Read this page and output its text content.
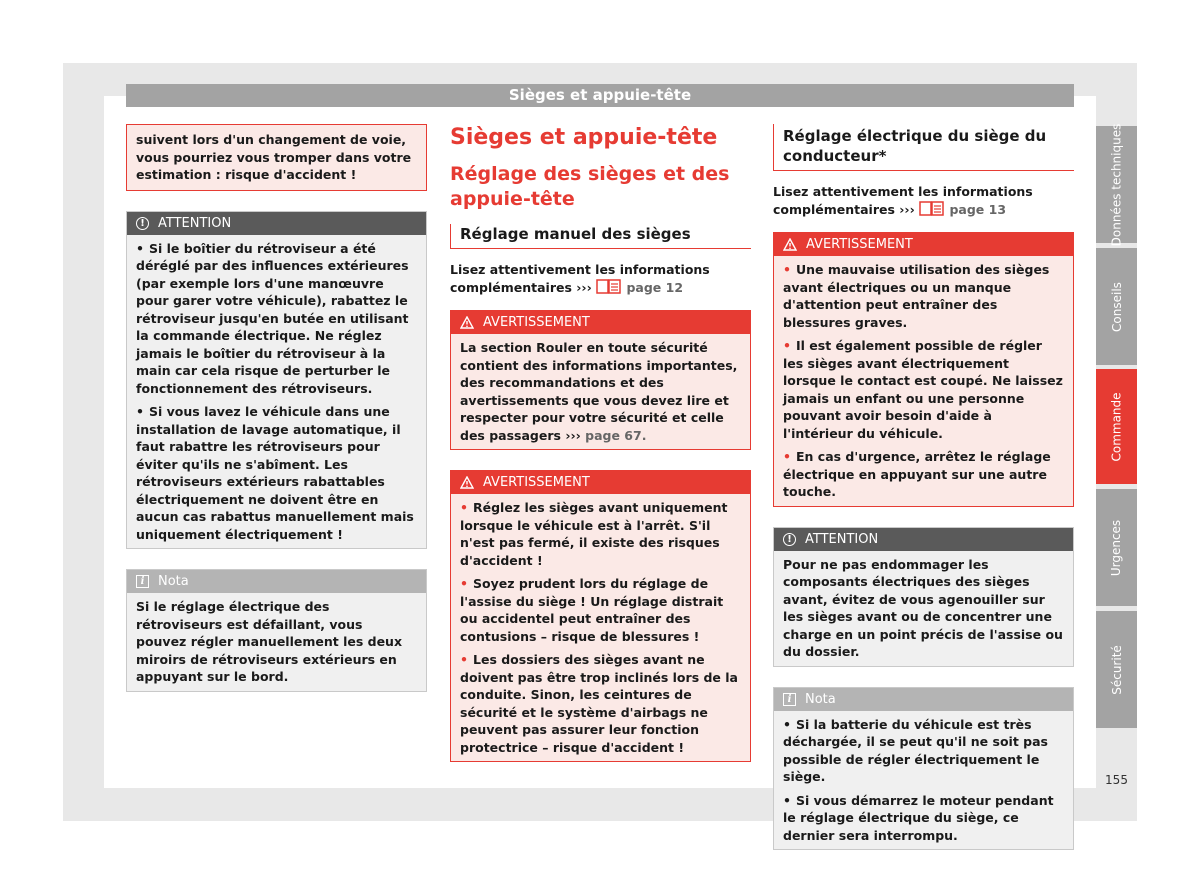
Sièges et appuie-tête

suivent lors d'un changement de voie, vous pourriez vous tromper dans votre estimation : risque d'accident !

!	ATTENTION

• Si le boîtier du rétroviseur a été déréglé par des influences extérieures (par exemple lors d'une manœuvre pour garer votre véhicule), rabattez le rétroviseur jusqu'en butée en utilisant la commande électrique. Ne réglez jamais le boîtier du rétroviseur à la main car cela risque de perturber le fonctionnement des rétroviseurs.

• Si vous lavez le véhicule dans une installation de lavage automatique, il faut rabattre les rétroviseurs pour éviter qu'ils ne s'abîment. Les rétroviseurs extérieurs rabattables électriquement ne doivent être en aucun cas rabattus manuellement mais uniquement électriquement !

i	Nota

Si le réglage électrique des rétroviseurs est défaillant, vous pouvez régler manuellement les deux miroirs de rétroviseurs extérieurs en appuyant sur le bord.

Sièges et appuie-tête
Réglage des sièges et des appuie-tête
Réglage manuel des sièges

Lisez attentivement les informations complémentaires ›››	page 12

AVERTISSEMENT

La section Rouler en toute sécurité contient des informations importantes, des recommandations et des avertissements que vous devez lire et respecter pour votre sécurité et celle des passagers ››› page 67.

AVERTISSEMENT

• Réglez les sièges avant uniquement lorsque le véhicule est à l'arrêt. S'il n'est pas fermé, il existe des risques d'accident !

• Soyez prudent lors du réglage de l'assise du siège ! Un réglage distrait ou accidentel peut entraîner des contusions – risque de blessures !

• Les dossiers des sièges avant ne doivent pas être trop inclinés lors de la conduite. Sinon, les ceintures de sécurité et le système d'airbags ne peuvent pas assurer leur fonction protectrice – risque d'accident !

Réglage électrique du siège du conducteur*

Lisez attentivement les informations complémentaires ›››	page 13

AVERTISSEMENT

• Une mauvaise utilisation des sièges avant électriques ou un manque d'attention peut entraîner des blessures graves.

• Il est également possible de régler les sièges avant électriquement lorsque le contact est coupé. Ne laissez jamais un enfant ou une personne pouvant avoir besoin d'aide à l'intérieur du véhicule.

• En cas d'urgence, arrêtez le réglage électrique en appuyant sur une autre touche.

!	ATTENTION

Pour ne pas endommager les composants électriques des sièges avant, évitez de vous agenouiller sur les sièges avant ou de concentrer une charge en un point précis de l'assise ou du dossier.

i	Nota

• Si la batterie du véhicule est très déchargée, il se peut qu'il ne soit pas possible de régler électriquement le siège.

• Si vous démarrez le moteur pendant le réglage électrique du siège, ce dernier sera interrompu.

Données techniques
Conseils
Commande
Urgences
Sécurité
155
